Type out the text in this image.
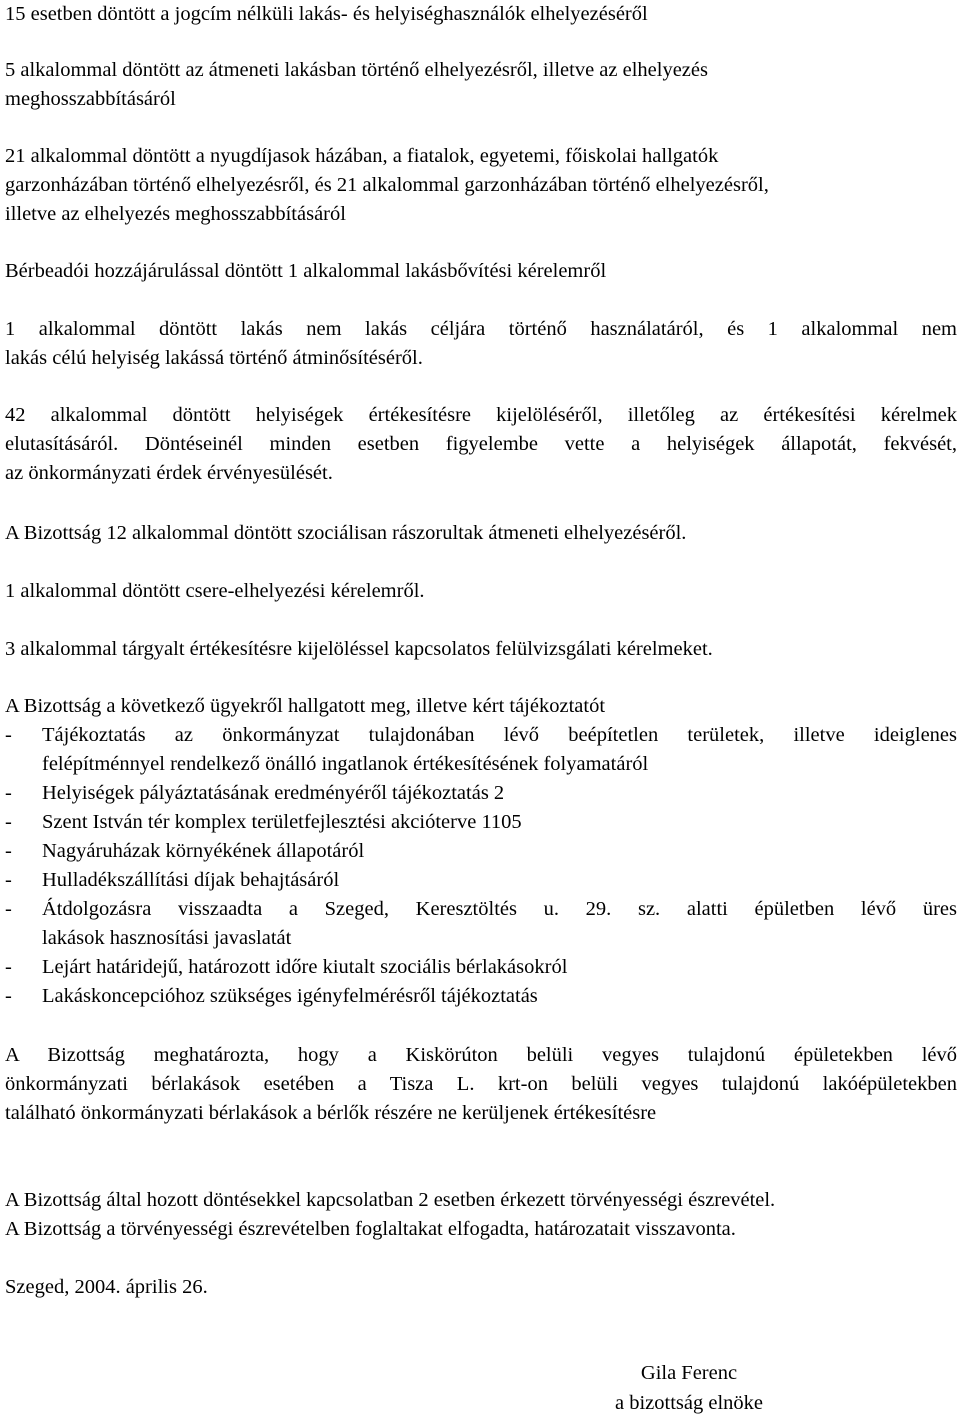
15 esetben döntött a jogcím nélküli lakás- és helyiséghasználók elhelyezéséről

5 alkalommal döntött az átmeneti lakásban történő elhelyezésről, illetve az elhelyezés

meghosszabbításáról

21 alkalommal döntött a nyugdíjasok házában, a fiatalok, egyetemi, főiskolai hallgatók

garzonházában történő elhelyezésről, és 21 alkalommal garzonházában történő elhelyezésről,

illetve az elhelyezés meghosszabbításáról

Bérbeadói hozzájárulással döntött 1 alkalommal lakásbővítési kérelemről

1 alkalommal döntött lakás nem lakás céljára történő használatáról, és 1 alkalommal nem

lakás célú helyiség lakássá történő átminősítéséről.

42 alkalommal döntött helyiségek értékesítésre kijelöléséről, illetőleg az értékesítési kérelmek

elutasításáról. Döntéseinél minden esetben figyelembe vette a helyiségek állapotát, fekvését,

az önkormányzati érdek érvényesülését.

A Bizottság 12 alkalommal döntött szociálisan rászorultak átmeneti elhelyezéséről.

1 alkalommal döntött csere-elhelyezési kérelemről.

3 alkalommal tárgyalt értékesítésre kijelöléssel kapcsolatos felülvizsgálati kérelmeket.

A Bizottság a következő ügyekről hallgatott meg, illetve kért tájékoztatót

- Tájékoztatás az önkormányzat tulajdonában lévő beépítetlen területek, illetve ideiglenes
felépítménnyel rendelkező önálló ingatlanok értékesítésének folyamatáról
- Helyiségek pályáztatásának eredményéről tájékoztatás 2
- Szent István tér komplex területfejlesztési akcióterve 1105
- Nagyáruházak környékének állapotáról
- Hulladékszállítási díjak behajtásáról
- Átdolgozásra visszaadta a Szeged, Keresztöltés u. 29. sz. alatti épületben lévő üres
lakások hasznosítási javaslatát
- Lejárt határidejű, határozott időre kiutalt szociális bérlakásokról
- Lakáskoncepcióhoz szükséges igényfelmérésről tájékoztatás

A Bizottság meghatározta, hogy a Kiskörúton belüli vegyes tulajdonú épületekben lévő

önkormányzati bérlakások esetében a Tisza L. krt-on belüli vegyes tulajdonú lakóépületekben

található önkormányzati bérlakások a bérlők részére ne kerüljenek értékesítésre

A Bizottság által hozott döntésekkel kapcsolatban 2 esetben érkezett törvényességi észrevétel.

A Bizottság a törvényességi észrevételben foglaltakat elfogadta, határozatait visszavonta.

Szeged, 2004. április 26.

Gila Ferenc
a bizottság elnöke
